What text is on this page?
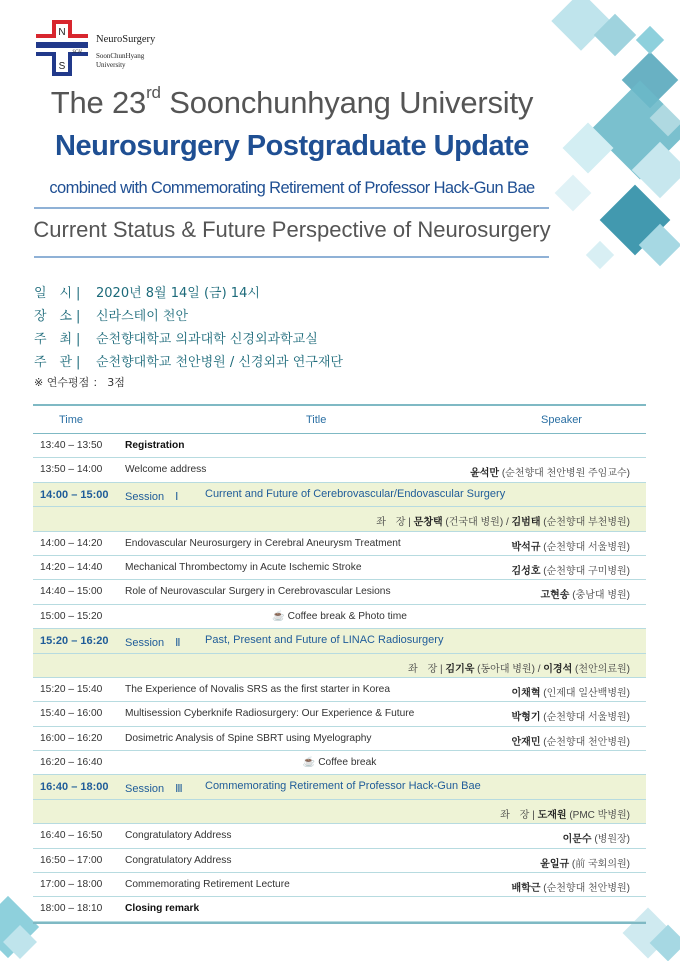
N
S
SCH
NeuroSurgery
SoonChunHyang
University
The 23rd Soonchunhyang University
Neurosurgery Postgraduate Update
combined with Commemorating Retirement of Professor Hack-Gun Bae
Current Status & Future Perspective of Neurosurgery
일　시 | 2020년 8월 14일 (금) 14시
장　소 | 신라스테이 천안
주　최 | 순천향대학교 의과대학 신경외과학교실
주　관 | 순천향대학교 천안병원 / 신경외과 연구재단
※ 연수평점 ： 3점
Time	Title	Speaker
13:40 – 13:50 Registration
13:50 – 14:00 Welcome address	윤석만 (순천향대 천안병원 주임교수)
14:00 – 15:00 Session　Ⅰ Current and Future of Cerebrovascular/Endovascular Surgery
좌　장 | 문창택 (건국대 병원) / 김범태 (순천향대 부천병원)
14:00 – 14:20 Endovascular Neurosurgery in Cerebral Aneurysm Treatment	박석규 (순천향대 서울병원)
14:20 – 14:40 Mechanical Thrombectomy in Acute Ischemic Stroke	김성호 (순천향대 구미병원)
14:40 – 15:00 Role of Neurovascular Surgery in Cerebrovascular Lesions	고현송 (충남대 병원)
15:00 – 15:20	☕ Coffee break & Photo time
15:20 – 16:20 Session　Ⅱ Past, Present and Future of LINAC Radiosurgery
좌　장 | 김기욱 (동아대 병원) / 이경석 (천안의료원)
15:20 – 15:40 The Experience of Novalis SRS as the first starter in Korea	이채혁 (인제대 일산백병원)
15:40 – 16:00 Multisession Cyberknife Radiosurgery: Our Experience & Future	박형기 (순천향대 서울병원)
16:00 – 16:20 Dosimetric Analysis of Spine SBRT using Myelography	안재민 (순천향대 천안병원)
16:20 – 16:40	☕ Coffee break
16:40 – 18:00 Session　Ⅲ Commemorating Retirement of Professor Hack-Gun Bae
좌　장 | 도재원 (PMC 박병원)
16:40 – 16:50 Congratulatory Address	이문수 (병원장)
16:50 – 17:00 Congratulatory Address	윤일규 (前 국회의원)
17:00 – 18:00 Commemorating Retirement Lecture	배학근 (순천향대 천안병원)
18:00 – 18:10 Closing remark
